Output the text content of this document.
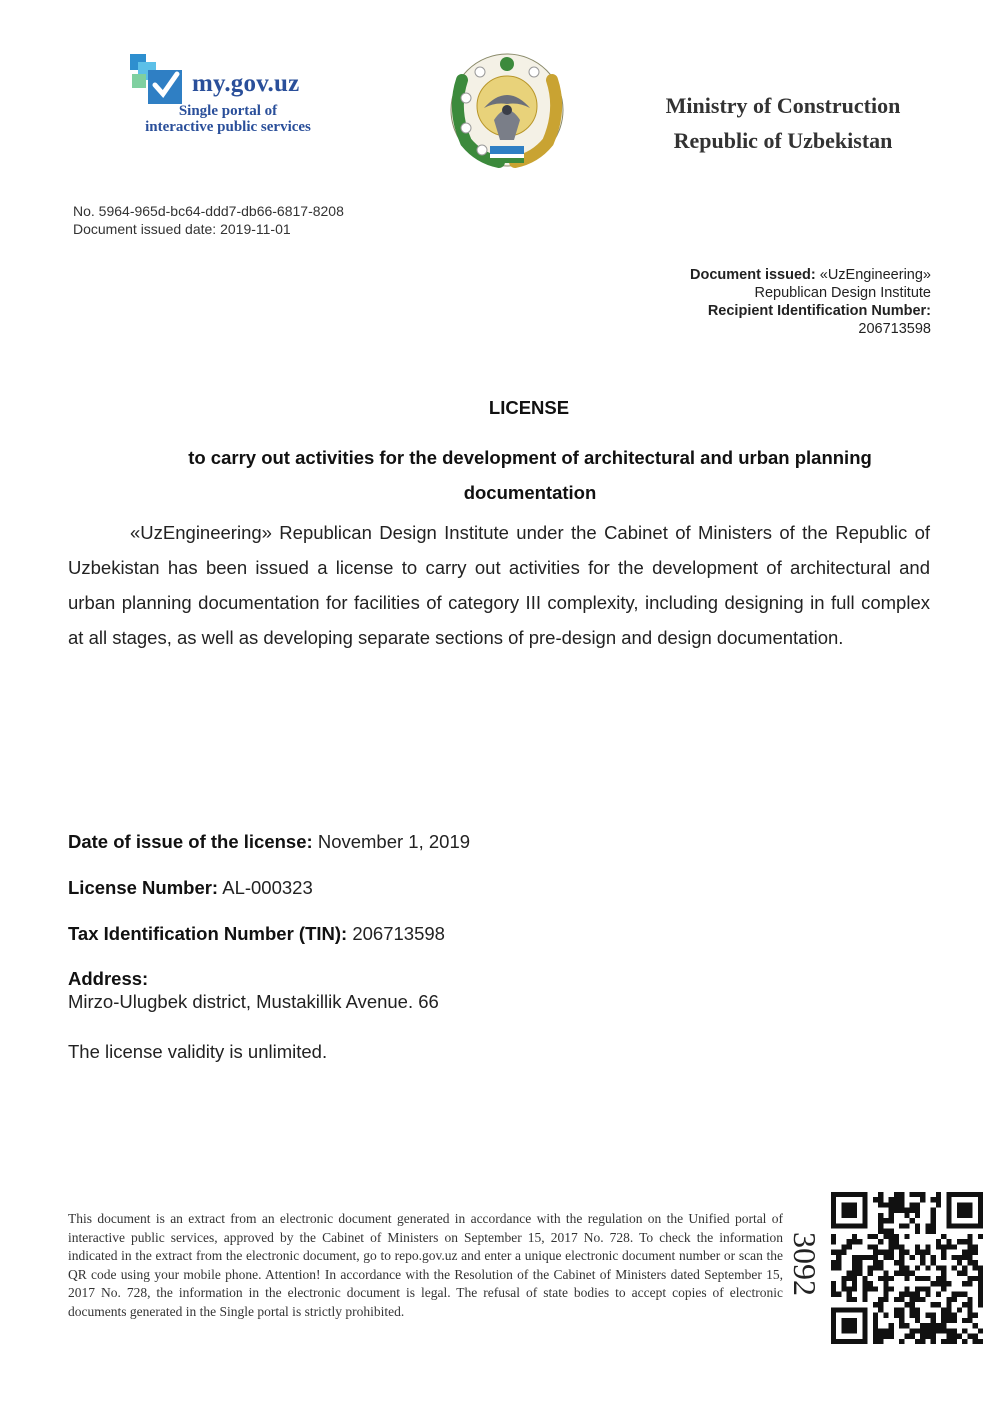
my.gov.uz
Single portal of
interactive public services
Ministry of Construction
Republic of Uzbekistan
No. 5964-965d-bc64-ddd7-db66-6817-8208
Document issued date: 2019-11-01
Document issued: «UzEngineering»
Republican Design Institute
Recipient Identification Number:
206713598
LICENSE
to carry out activities for the development of architectural and urban planning documentation
«UzEngineering» Republican Design Institute under the Cabinet of Ministers of the Republic of Uzbekistan has been issued a license to carry out activities for the development of architectural and urban planning documentation for facilities of category III complexity, including designing in full complex at all stages, as well as developing separate sections of pre-design and design documentation.
Date of issue of the license: November 1, 2019
License Number: AL-000323
Tax Identification Number (TIN): 206713598
Address:
Mirzo-Ulugbek district, Mustakillik Avenue. 66
The license validity is unlimited.
This document is an extract from an electronic document generated in accordance with the regulation on the Unified portal of interactive public services, approved by the Cabinet of Ministers on September 15, 2017 No. 728. To check the information indicated in the extract from the electronic document, go to repo.gov.uz and enter a unique electronic document number or scan the QR code using your mobile phone. Attention! In accordance with the Resolution of the Cabinet of Ministers dated September 15, 2017 No. 728, the information in the electronic document is legal. The refusal of state bodies to accept copies of electronic documents generated in the Single portal is strictly prohibited.
3092
